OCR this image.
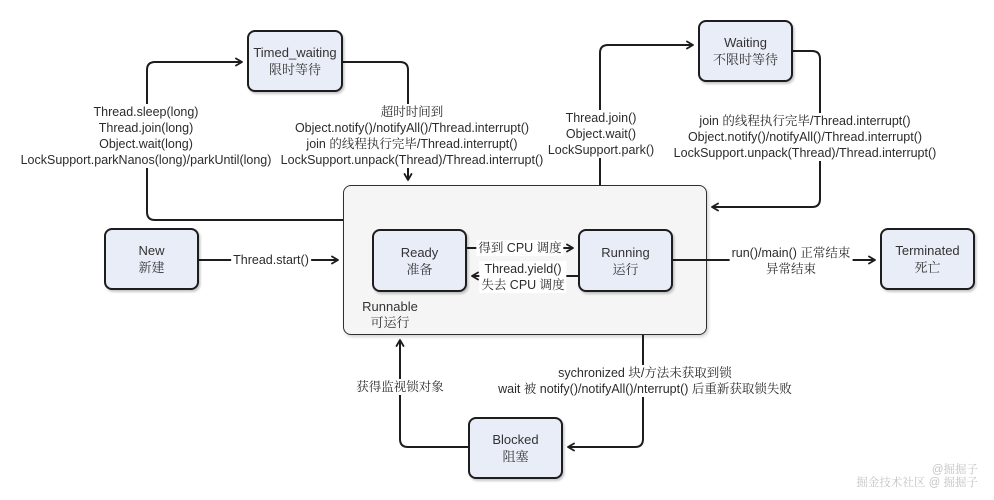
Timed_waiting
限时等待
Waiting
不限时等待
New
新建
Ready
准备
Running
运行
Terminated
死亡
Blocked
阻塞
Runnable
可运行
Thread.sleep(long)
Thread.join(long)
Object.wait(long)
LockSupport.parkNanos(long)/parkUntil(long)
超时时间到
Object.notify()/notifyAll()/Thread.interrupt()
join 的线程执行完毕/Thread.interrupt()
LockSupport.unpack(Thread)/Thread.interrupt()
Thread.join()
Object.wait()
LockSupport.park()
join 的线程执行完毕/Thread.interrupt()
Object.notify()/notifyAll()/Thread.interrupt()
LockSupport.unpack(Thread)/Thread.interrupt()
Thread.start()
得到 CPU 调度
Thread.yield()
失去 CPU 调度
run()/main() 正常结束
异常结束
sychronized 块/方法未获取到锁
wait 被 notify()/notifyAll()/nterrupt() 后重新获取锁失败
获得监视锁对象
@掘掘子
掘金技术社区 @ 掘掘子
